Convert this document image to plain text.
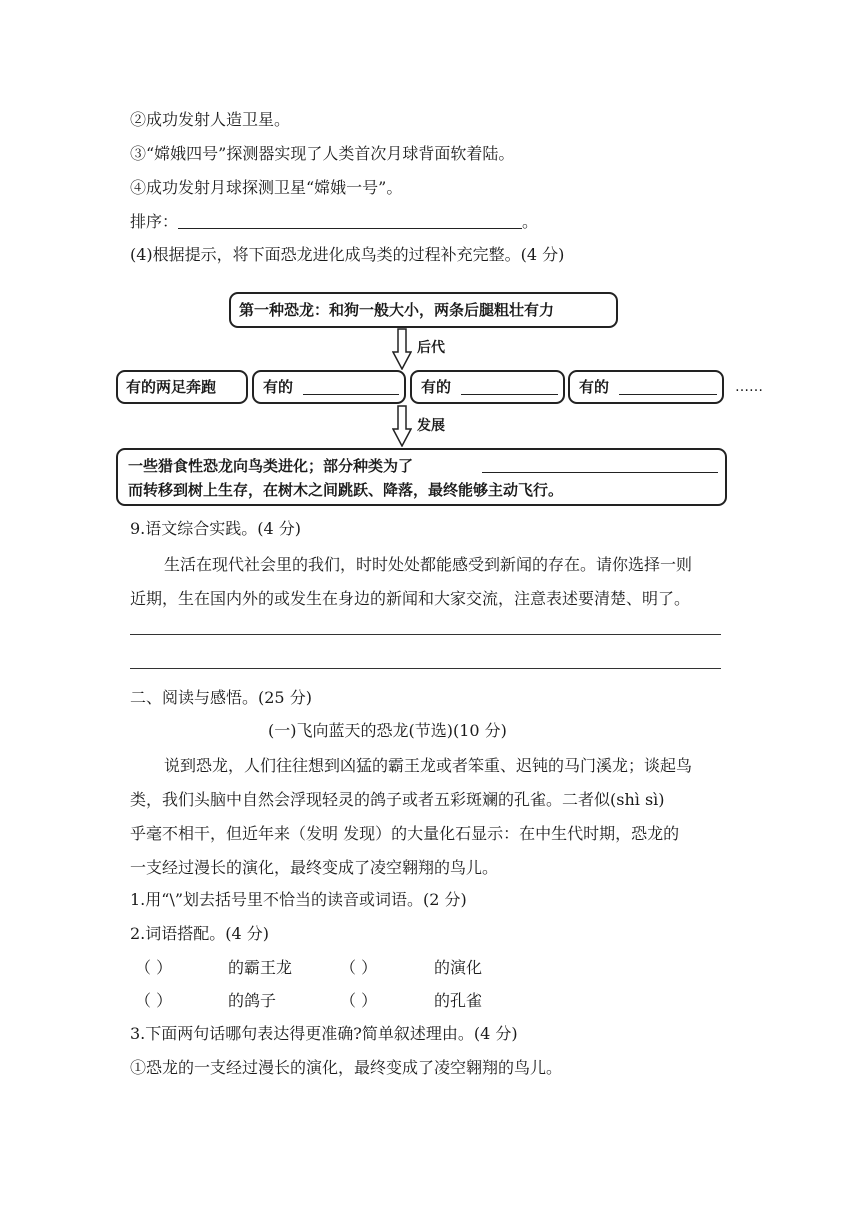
②成功发射人造卫星。
③“嫦娥四号”探测器实现了人类首次月球背面软着陆。
④成功发射月球探测卫星“嫦娥一号”。
排序：	。
(4)根据提示，将下面恐龙进化成鸟类的过程补充完整。(4 分)
第一种恐龙：和狗一般大小，两条后腿粗壮有力
后代
有的两足奔跑	有的	有的	有的	……
发展
一些猎食性恐龙向鸟类进化；部分种类为了
而转移到树上生存，在树木之间跳跃、降落，最终能够主动飞行。
9.语文综合实践。(4 分)
生活在现代社会里的我们，时时处处都能感受到新闻的存在。请你选择一则
近期，生在国内外的或发生在身边的新闻和大家交流，注意表述要清楚、明了。
二、阅读与感悟。(25 分)
(一)飞向蓝天的恐龙(节选)(10 分)
说到恐龙，人们往往想到凶猛的霸王龙或者笨重、迟钝的马门溪龙；谈起鸟
类，我们头脑中自然会浮现轻灵的鸽子或者五彩斑斓的孔雀。二者似(shì sì)
乎毫不相干，但近年来（发明 发现）的大量化石显示：在中生代时期，恐龙的
一支经过漫长的演化，最终变成了凌空翱翔的鸟儿。
1.用“\”划去括号里不恰当的读音或词语。(2 分)
2.词语搭配。(4 分)
（ ）	的霸王龙	（ ）	的演化
（ ）	的鸽子	（ ）	的孔雀
3.下面两句话哪句表达得更准确?简单叙述理由。(4 分)
①恐龙的一支经过漫长的演化，最终变成了凌空翱翔的鸟儿。
